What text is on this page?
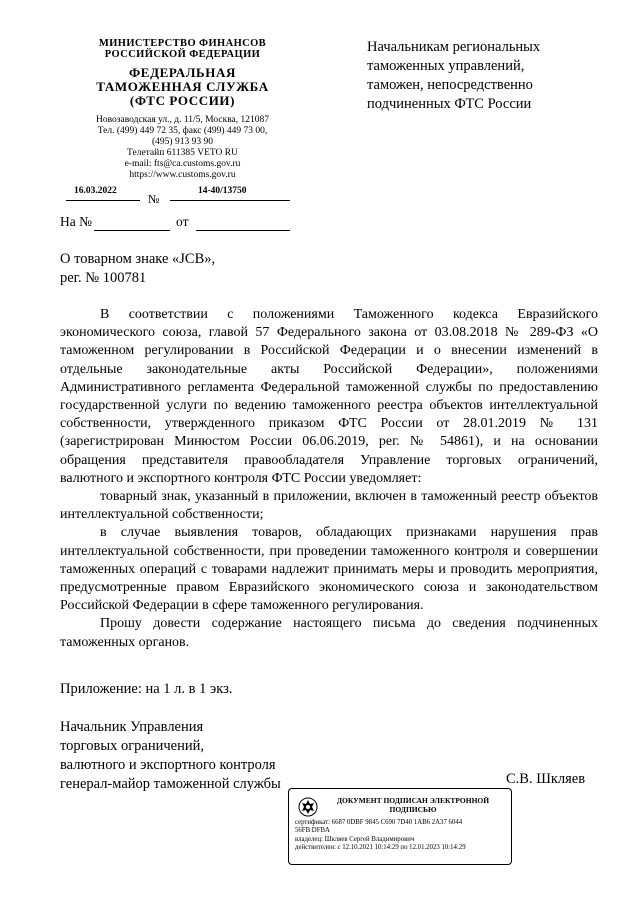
МИНИСТЕРСТВО ФИНАНСОВ
РОССИЙСКОЙ ФЕДЕРАЦИИ
ФЕДЕРАЛЬНАЯ
ТАМОЖЕННАЯ СЛУЖБА
(ФТС РОССИИ)
Новозаводская ул., д. 11/5, Москва, 121087
Тел. (499) 449 72 35, факс (499) 449 73 00,
(495) 913 93 90
Телетайп 611385 VETO RU
e-mail: fts@ca.customs.gov.ru
https://www.customs.gov.ru
16.03.2022
№
14-40/13750
На №	от
Начальникам региональных
таможенных управлений,
таможен, непосредственно
подчиненных ФТС России
О товарном знаке «JCB»,
рег. № 100781

В соответствии с положениями Таможенного кодекса Евразийского экономического союза, главой 57 Федерального закона от 03.08.2018 № 289-ФЗ «О таможенном регулировании в Российской Федерации и о внесении изменений в отдельные законодательные акты Российской Федерации», положениями Административного регламента Федеральной таможенной службы по предоставлению государственной услуги по ведению таможенного реестра объектов интеллектуальной собственности, утвержденного приказом ФТС России от 28.01.2019 № 131 (зарегистрирован Минюстом России 06.06.2019, рег. № 54861), и на основании обращения представителя правообладателя Управление торговых ограничений, валютного и экспортного контроля ФТС России уведомляет:

товарный знак, указанный в приложении, включен в таможенный реестр объектов интеллектуальной собственности;

в случае выявления товаров, обладающих признаками нарушения прав интеллектуальной собственности, при проведении таможенного контроля и совершении таможенных операций с товарами надлежит принимать меры и проводить мероприятия, предусмотренные правом Евразийского экономического союза и законодательством Российской Федерации в сфере таможенного регулирования.

Прошу довести содержание настоящего письма до сведения подчиненных таможенных органов.

Приложение: на 1 л. в 1 экз.
Начальник Управления
торговых ограничений,
валютного и экспортного контроля
генерал-майор таможенной службы	С.В. Шкляев
ДОКУМЕНТ ПОДПИСАН ЭЛЕКТРОННОЙ
ПОДПИСЬЮ
сертификат: 6687 0DBF 9845 C690 7D40 1AB6 2A37 6044
56FB DFBA
владелец: Шкляев Сергей Владимирович
действителен: с 12.10.2021 10:14:29 по 12.01.2023 10:14:29
